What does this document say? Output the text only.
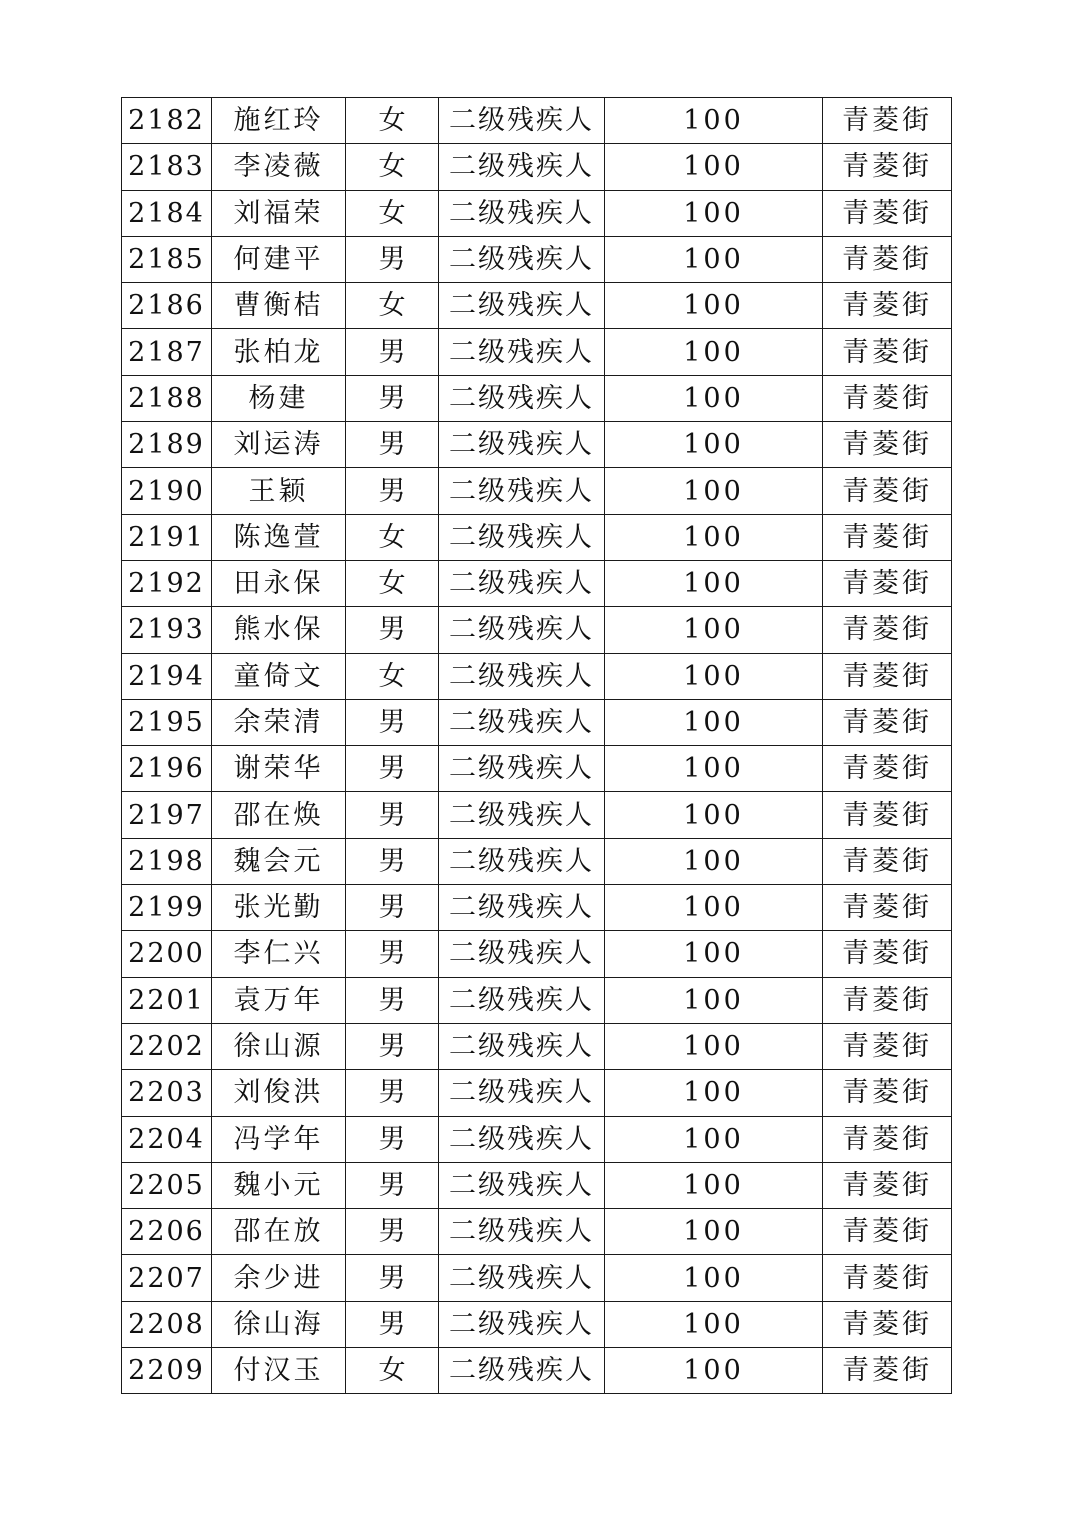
2182	施红玲	女	二级残疾人	100	青菱街
2183	李凌薇	女	二级残疾人	100	青菱街
2184	刘福荣	女	二级残疾人	100	青菱街
2185	何建平	男	二级残疾人	100	青菱街
2186	曹衡桔	女	二级残疾人	100	青菱街
2187	张柏龙	男	二级残疾人	100	青菱街
2188	杨建	男	二级残疾人	100	青菱街
2189	刘运涛	男	二级残疾人	100	青菱街
2190	王颖	男	二级残疾人	100	青菱街
2191	陈逸萱	女	二级残疾人	100	青菱街
2192	田永保	女	二级残疾人	100	青菱街
2193	熊水保	男	二级残疾人	100	青菱街
2194	童倚文	女	二级残疾人	100	青菱街
2195	余荣清	男	二级残疾人	100	青菱街
2196	谢荣华	男	二级残疾人	100	青菱街
2197	邵在焕	男	二级残疾人	100	青菱街
2198	魏会元	男	二级残疾人	100	青菱街
2199	张光勤	男	二级残疾人	100	青菱街
2200	李仁兴	男	二级残疾人	100	青菱街
2201	袁万年	男	二级残疾人	100	青菱街
2202	徐山源	男	二级残疾人	100	青菱街
2203	刘俊洪	男	二级残疾人	100	青菱街
2204	冯学年	男	二级残疾人	100	青菱街
2205	魏小元	男	二级残疾人	100	青菱街
2206	邵在放	男	二级残疾人	100	青菱街
2207	余少进	男	二级残疾人	100	青菱街
2208	徐山海	男	二级残疾人	100	青菱街
2209	付汉玉	女	二级残疾人	100	青菱街
